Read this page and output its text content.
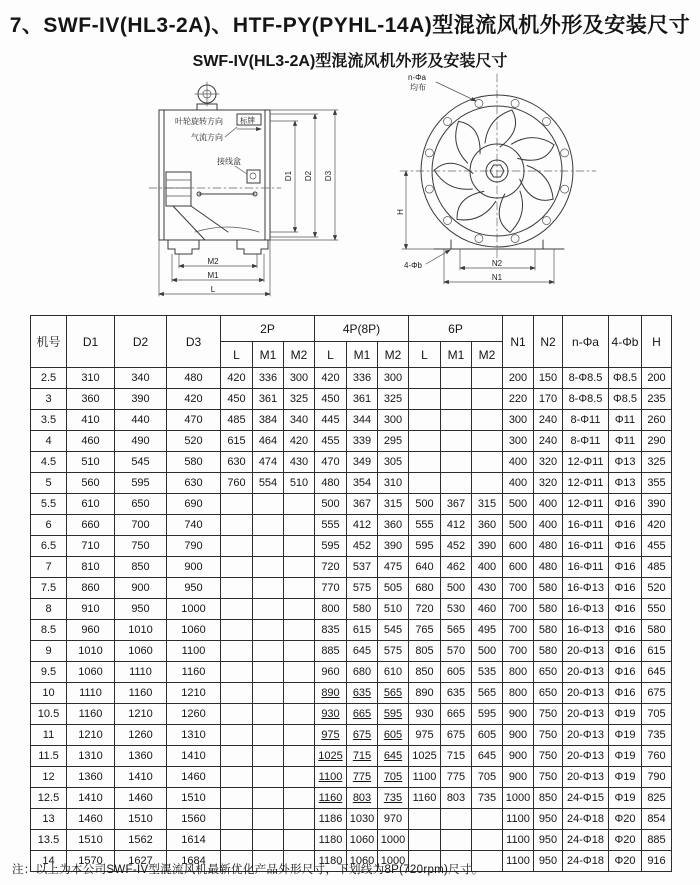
7、SWF-IV(HL3-2A)、HTF-PY(PYHL-14A)型混流风机外形及安装尺寸
SWF-IV(HL3-2A)型混流风机外形及安装尺寸
叶轮旋转方向 标牌
气流方向
接线盒
M2
M1
L
D1 D2 D3
n-Φa
均布
4-Φb
H
N2
N1
机号	D1	D2	D3	2P			4P(8P)			6P			N1	N2	n-Φa	4-Φb	H
				L	M1	M2	L	M1	M2	L	M1	M2					
2.5	310	340	480	420	336	300	420	336	300				200	150	8-Φ8.5	Φ8.5	200
3	360	390	420	450	361	325	450	361	325				220	170	8-Φ8.5	Φ8.5	235
3.5	410	440	470	485	384	340	445	344	300				300	240	8-Φ11	Φ11	260
4	460	490	520	615	464	420	455	339	295				300	240	8-Φ11	Φ11	290
4.5	510	545	580	630	474	430	470	349	305				400	320	12-Φ11	Φ13	325
5	560	595	630	760	554	510	480	354	310				400	320	12-Φ11	Φ13	355
5.5	610	650	690				500	367	315	500	367	315	500	400	12-Φ11	Φ16	390
6	660	700	740				555	412	360	555	412	360	500	400	16-Φ11	Φ16	420
6.5	710	750	790				595	452	390	595	452	390	600	480	16-Φ11	Φ16	455
7	810	850	900				720	537	475	640	462	400	600	480	16-Φ11	Φ16	485
7.5	860	900	950				770	575	505	680	500	430	700	580	16-Φ13	Φ16	520
8	910	950	1000				800	580	510	720	530	460	700	580	16-Φ13	Φ16	550
8.5	960	1010	1060				835	615	545	765	565	495	700	580	16-Φ13	Φ16	580
9	1010	1060	1100				885	645	575	805	570	500	700	580	20-Φ13	Φ16	615
9.5	1060	1110	1160				960	680	610	850	605	535	800	650	20-Φ13	Φ16	645
10	1110	1160	1210				890	635	565	890	635	565	800	650	20-Φ13	Φ16	675
10.5	1160	1210	1260				930	665	595	930	665	595	900	750	20-Φ13	Φ19	705
11	1210	1260	1310				975	675	605	975	675	605	900	750	20-Φ13	Φ19	735
11.5	1310	1360	1410				1025	715	645	1025	715	645	900	750	20-Φ13	Φ19	760
12	1360	1410	1460				1100	775	705	1100	775	705	900	750	20-Φ13	Φ19	790
12.5	1410	1460	1510				1160	803	735	1160	803	735	1000	850	24-Φ15	Φ19	825
13	1460	1510	1560				1186	1030	970				1100	950	24-Φ18	Φ20	854
13.5	1510	1562	1614				1180	1060	1000				1100	950	24-Φ18	Φ20	885
14	1570	1627	1684				1180	1060	1000				1100	950	24-Φ18	Φ20	916
注：以上为本公司SWF-IV型混流风机最新优化产品外形尺寸，下划线为8P(720rpm)尺寸。
